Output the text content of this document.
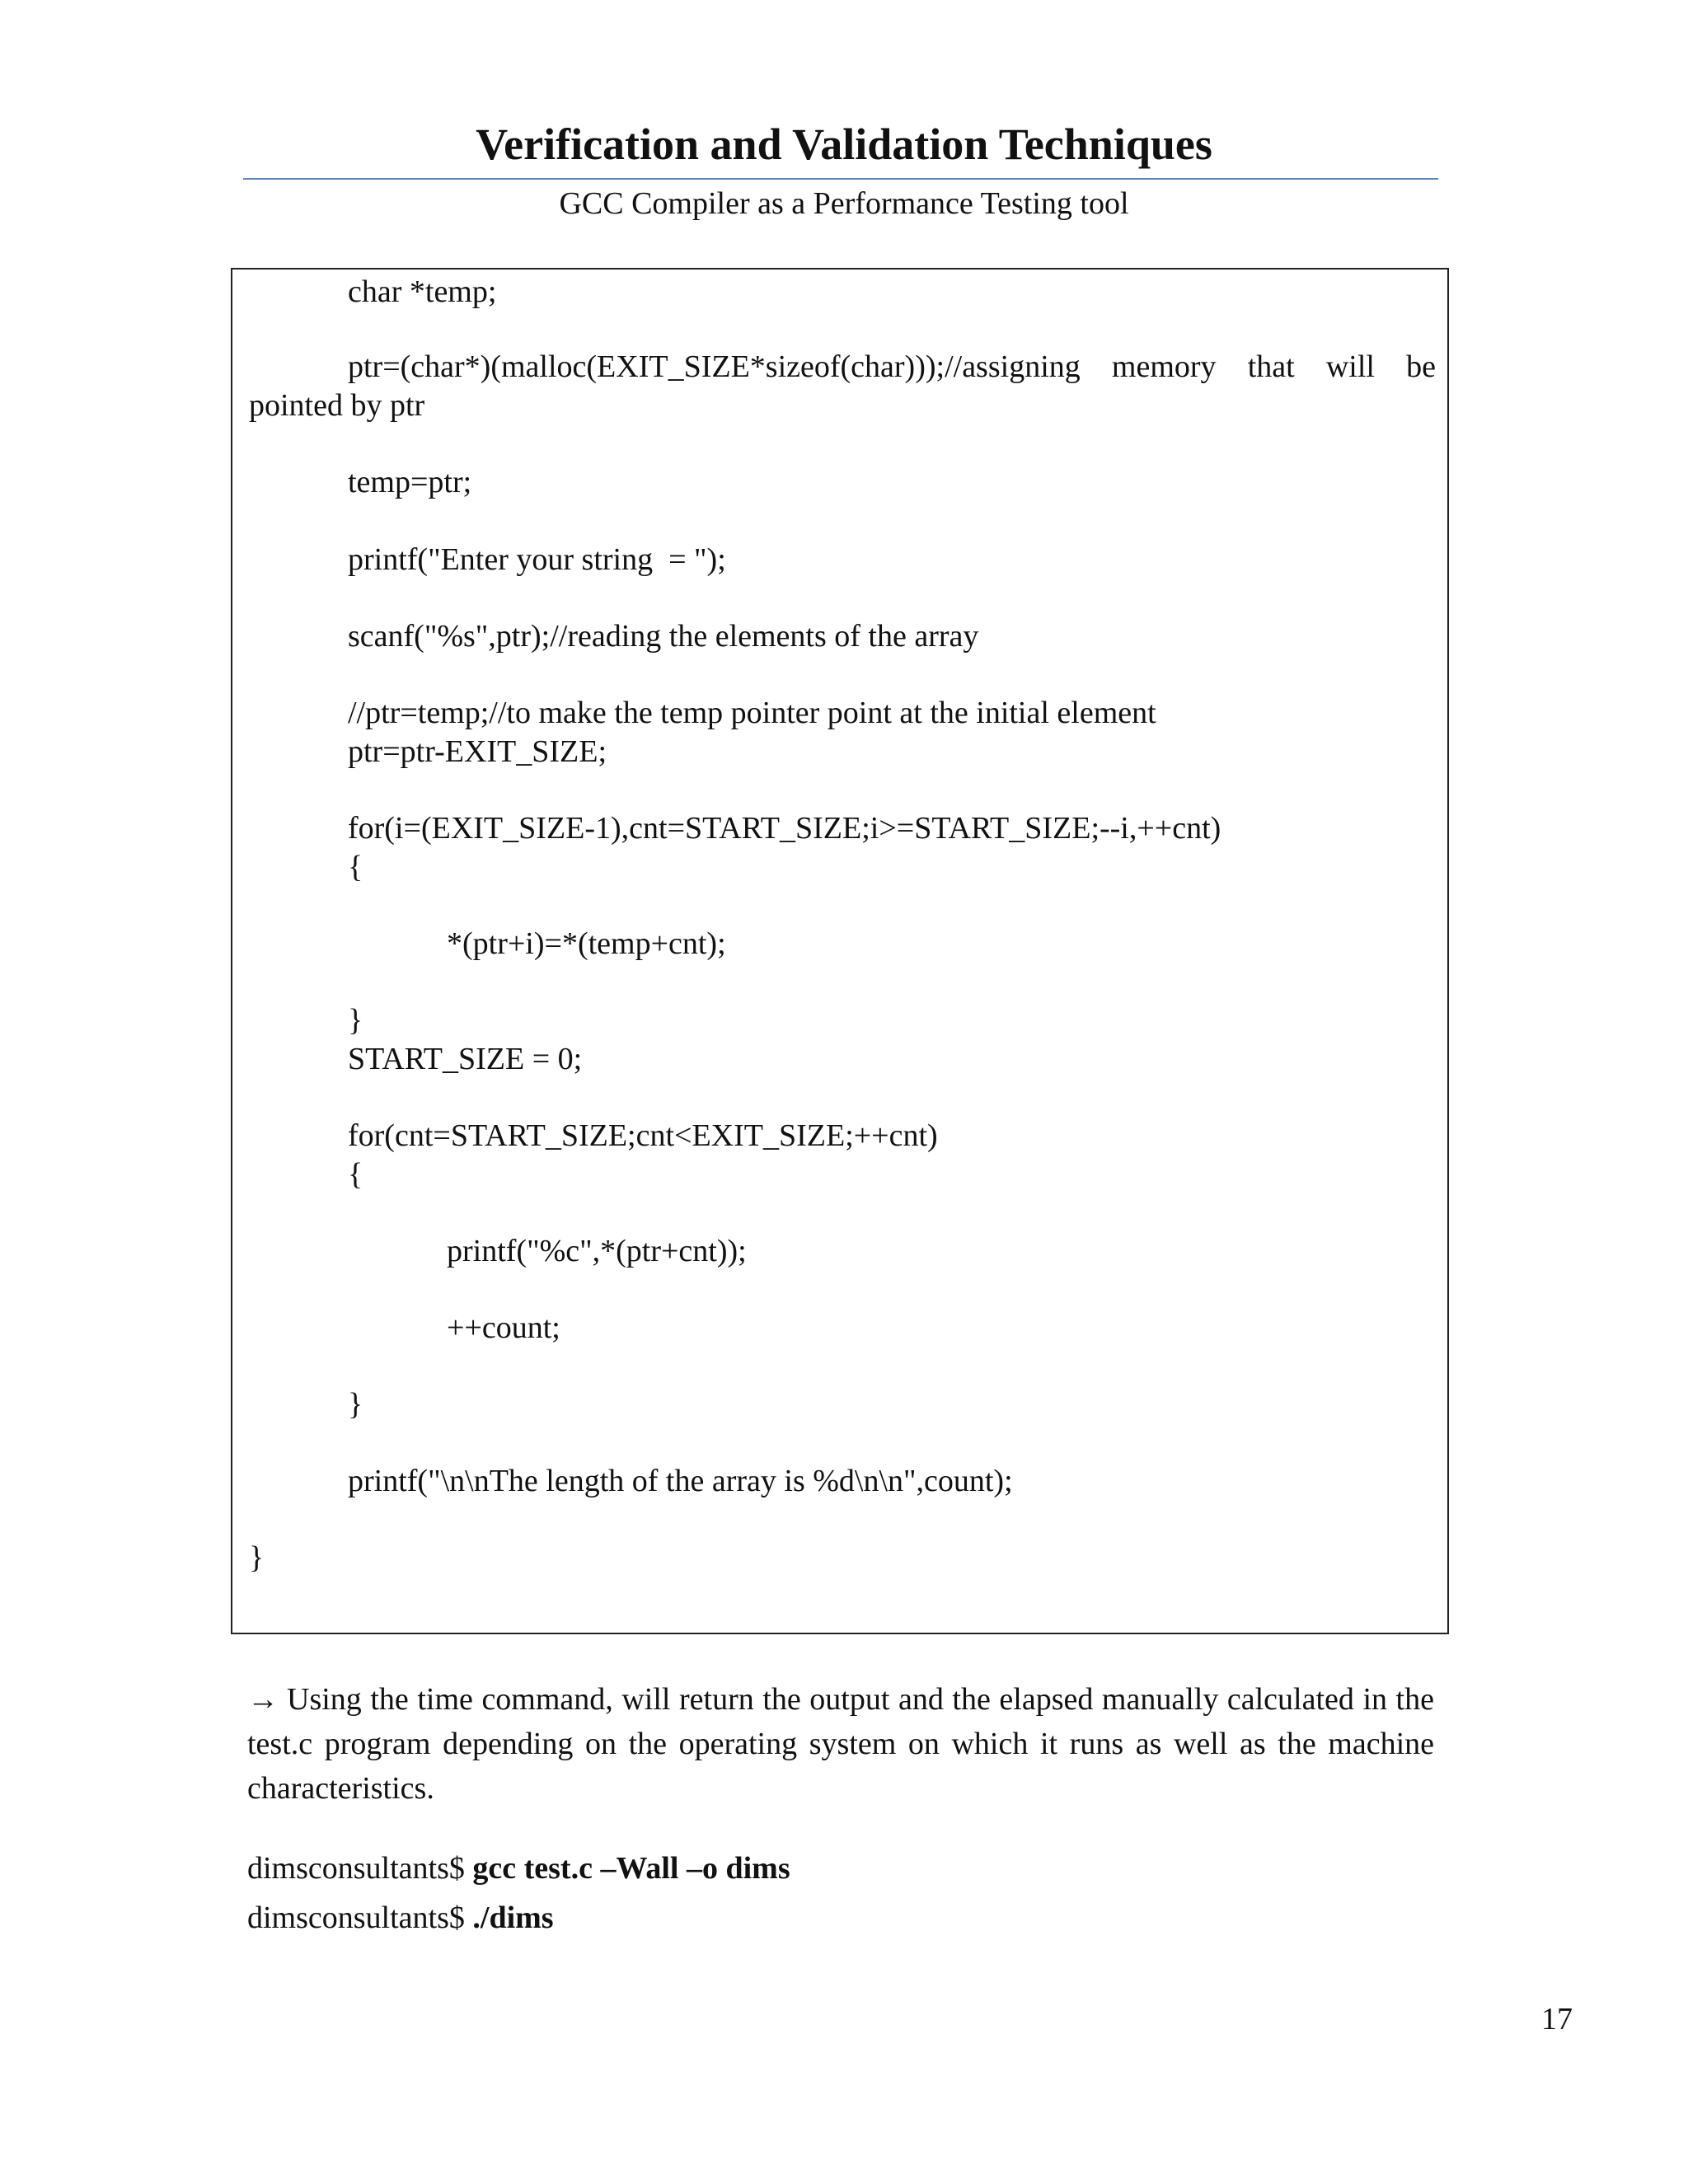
Verification and Validation Techniques
GCC Compiler as a Performance Testing tool
char *temp;
ptr=(char*)(malloc(EXIT_SIZE*sizeof(char)));//assigning memory that will be pointed by ptr
temp=ptr;
printf("Enter your string  = ");
scanf("%s",ptr);//reading the elements of the array
//ptr=temp;//to make the temp pointer point at the initial element
ptr=ptr-EXIT_SIZE;
for(i=(EXIT_SIZE-1),cnt=START_SIZE;i>=START_SIZE;--i,++cnt)
{
*(ptr+i)=*(temp+cnt);
}
START_SIZE = 0;
for(cnt=START_SIZE;cnt<EXIT_SIZE;++cnt)
{
printf("%c",*(ptr+cnt));
++count;
}
printf("\n\nThe length of the array is %d\n\n",count);
}

→ Using the time command, will return the output and the elapsed manually calculated in the test.c program depending on the operating system on which it runs as well as the machine characteristics.

dimsconsultants$ gcc test.c –Wall –o dims
dimsconsultants$ ./dims
17
